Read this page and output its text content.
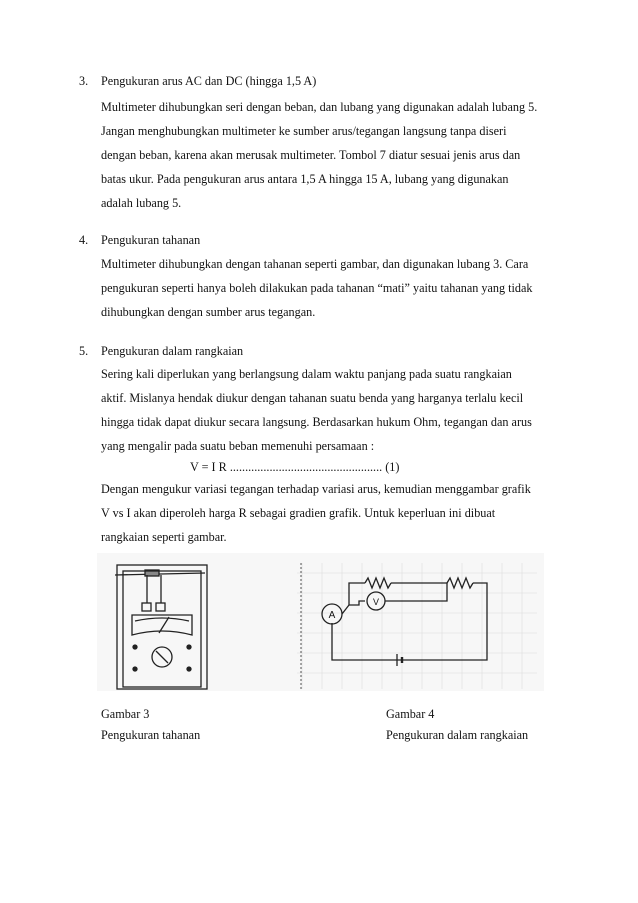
3. Pengukuran arus AC dan DC (hingga 1,5 A)
Multimeter dihubungkan seri dengan beban, dan lubang yang digunakan adalah lubang 5.
Jangan menghubungkan multimeter ke sumber arus/tegangan langsung tanpa diseri
dengan beban, karena akan merusak multimeter. Tombol 7 diatur sesuai jenis arus dan
batas ukur. Pada pengukuran arus antara 1,5 A hingga 15 A, lubang yang digunakan
adalah lubang 5.
4. Pengukuran tahanan
Multimeter dihubungkan dengan tahanan seperti gambar, dan digunakan lubang 3. Cara
pengukuran seperti hanya boleh dilakukan pada tahanan “mati” yaitu tahanan yang tidak
dihubungkan dengan sumber arus tegangan.
5. Pengukuran dalam rangkaian
Sering kali diperlukan yang berlangsung dalam waktu panjang pada suatu rangkaian
aktif. Mislanya hendak diukur dengan tahanan suatu benda yang harganya terlalu kecil
hingga tidak dapat diukur secara langsung. Berdasarkan hukum Ohm, tegangan dan arus
yang mengalir pada suatu beban memenuhi persamaan :
V = I R .................................................. (1)
Dengan mengukur variasi tegangan terhadap variasi arus, kemudian menggambar grafik
V vs I akan diperoleh harga R sebagai gradien grafik. Untuk keperluan ini dibuat
rangkaian seperti gambar.
A
V
Gambar 3
Pengukuran tahanan
Gambar 4
Pengukuran dalam rangkaian
